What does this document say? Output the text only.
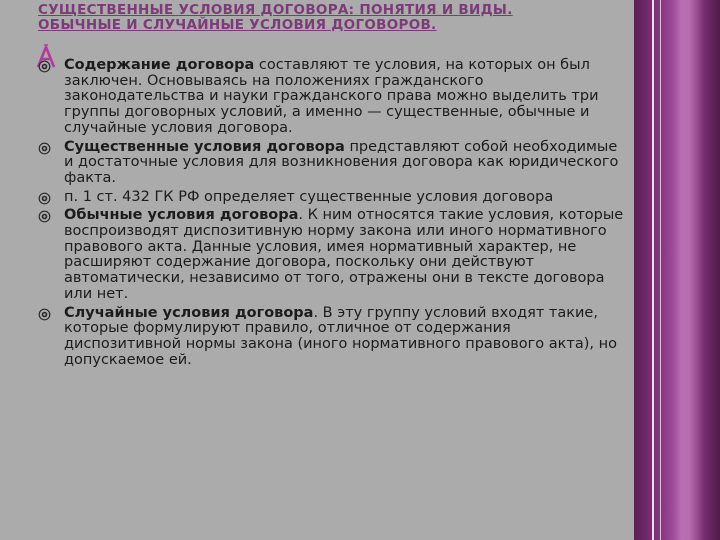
СУЩЕСТВЕННЫЕ УСЛОВИЯ ДОГОВОРА: ПОНЯТИЯ И ВИДЫ. ОБЫЧНЫЕ И СЛУЧАЙНЫЕ УСЛОВИЯ ДОГОВОРОВ.
Содержание договора составляют те условия, на которых он был заключен. Основываясь на положениях гражданского законодательства и науки гражданского права можно выделить три группы договорных условий, а именно — существенные, обычные и случайные условия договора.
Существенные условия договора представляют собой необходимые и достаточные условия для возникновения договора как юридического факта.
п. 1 ст. 432 ГК РФ определяет существенные условия договора
Обычные условия договора. К ним относятся такие условия, которые воспроизводят диспозитивную норму закона или иного нормативного правового акта. Данные условия, имея нормативный характер, не расширяют содержание договора, поскольку они действуют автоматически, независимо от того, отражены они в тексте договора или нет.
Случайные условия договора. В эту группу условий входят такие, которые формулируют правило, отличное от содержания диспозитивной нормы закона (иного нормативного правового акта), но допускаемое ей.
